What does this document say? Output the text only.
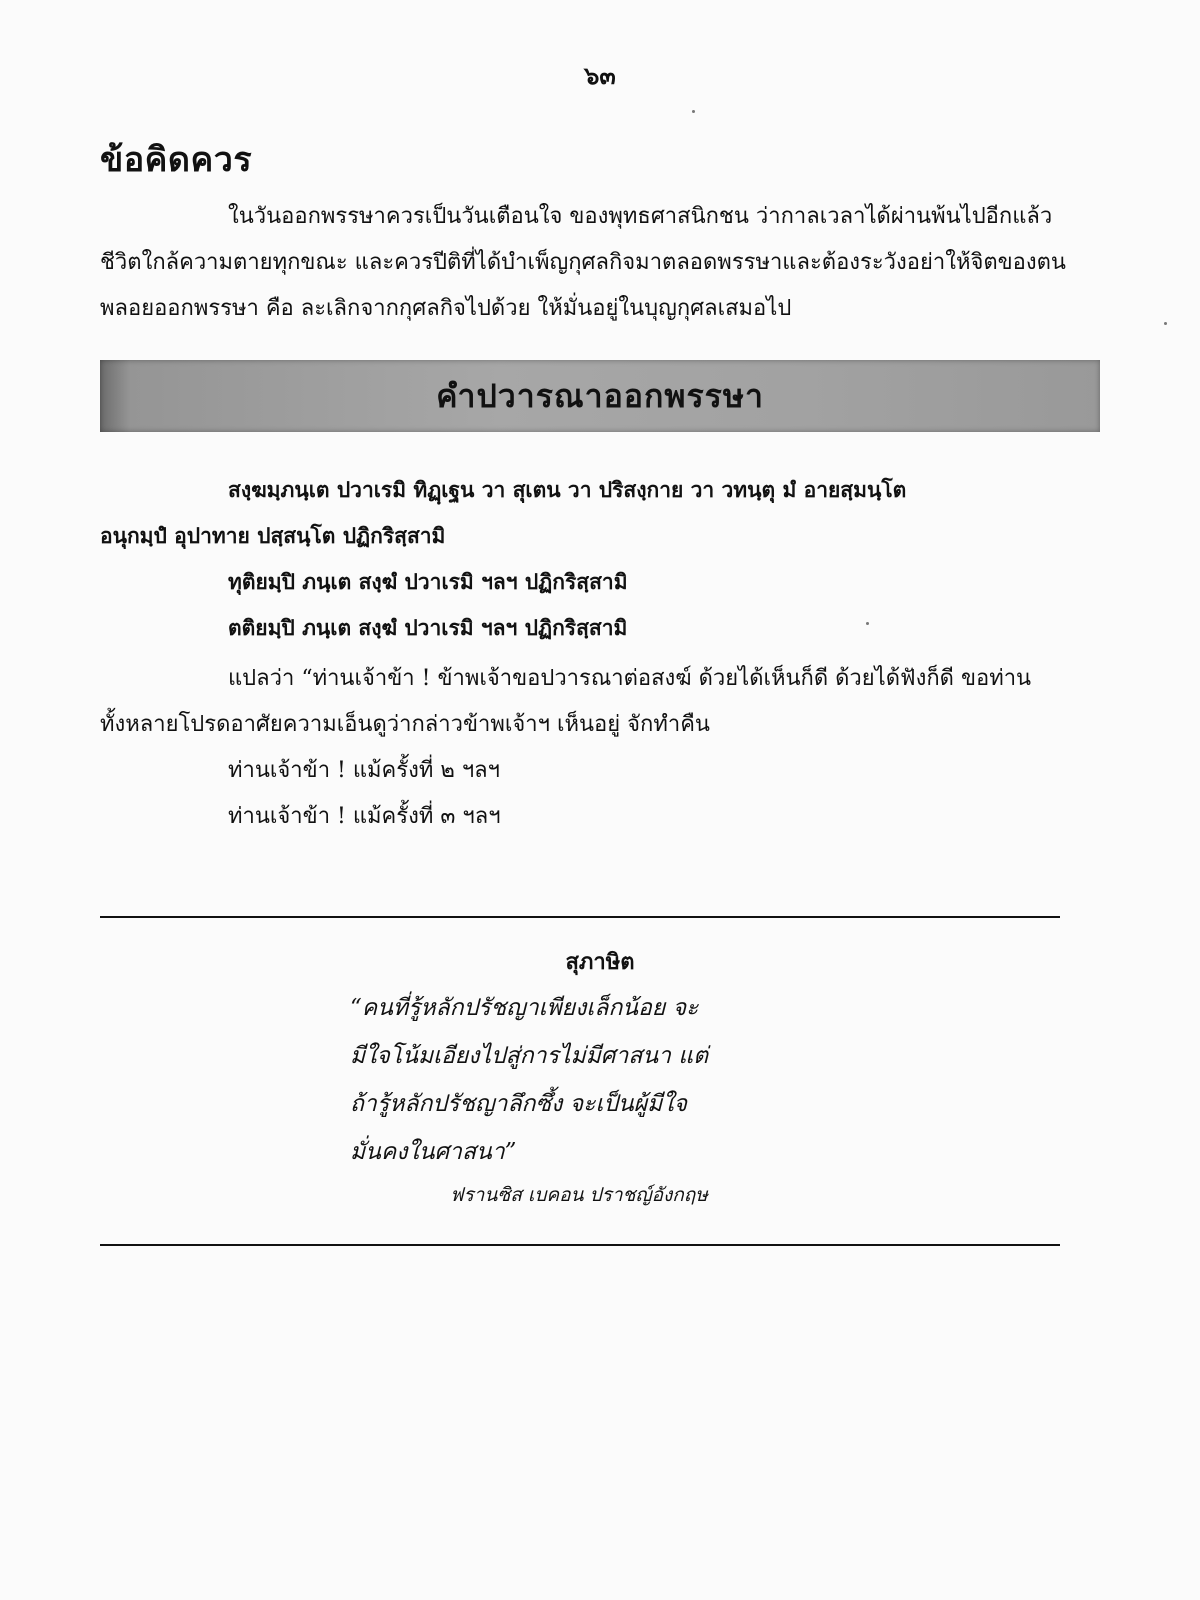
๖๓
ข้อคิดควร
ในวันออกพรรษาควรเป็นวันเตือนใจ ของพุทธศาสนิกชน ว่ากาลเวลาได้ผ่านพ้นไปอีกแล้ว
ชีวิตใกล้ความตายทุกขณะ และควรปีติที่ได้บำเพ็ญกุศลกิจมาตลอดพรรษาและต้องระวังอย่าให้จิตของตน
พลอยออกพรรษา คือ ละเลิกจากกุศลกิจไปด้วย ให้มั่นอยู่ในบุญกุศลเสมอไป
คำปวารณาออกพรรษา
สงฺฆมฺภนฺเต ปวาเรมิ ทิฏฺเฐน วา สุเตน วา ปริสงฺกาย วา วทนฺตุ มํ อายสฺมนฺโต
อนุกมฺปํ อุปาทาย ปสฺสนฺโต ปฏิกริสฺสามิ
ทุติยมฺปิ ภนฺเต สงฺฆํ ปวาเรมิ ฯลฯ ปฏิกริสฺสามิ
ตติยมฺปิ ภนฺเต สงฺฆํ ปวาเรมิ ฯลฯ ปฏิกริสฺสามิ
แปลว่า “ท่านเจ้าข้า ! ข้าพเจ้าขอปวารณาต่อสงฆ์ ด้วยได้เห็นก็ดี ด้วยได้ฟังก็ดี ขอท่าน
ทั้งหลายโปรดอาศัยความเอ็นดูว่ากล่าวข้าพเจ้าฯ เห็นอยู่ จักทำคืน
ท่านเจ้าข้า ! แม้ครั้งที่ ๒ ฯลฯ
ท่านเจ้าข้า ! แม้ครั้งที่ ๓ ฯลฯ
สุภาษิต
“คนที่รู้หลักปรัชญาเพียงเล็กน้อย จะ
มีใจโน้มเอียงไปสู่การไม่มีศาสนา แต่
ถ้ารู้หลักปรัชญาลึกซึ้ง จะเป็นผู้มีใจ
มั่นคงในศาสนา”
ฟรานซิส เบคอน ปราชญ์อังกฤษ
